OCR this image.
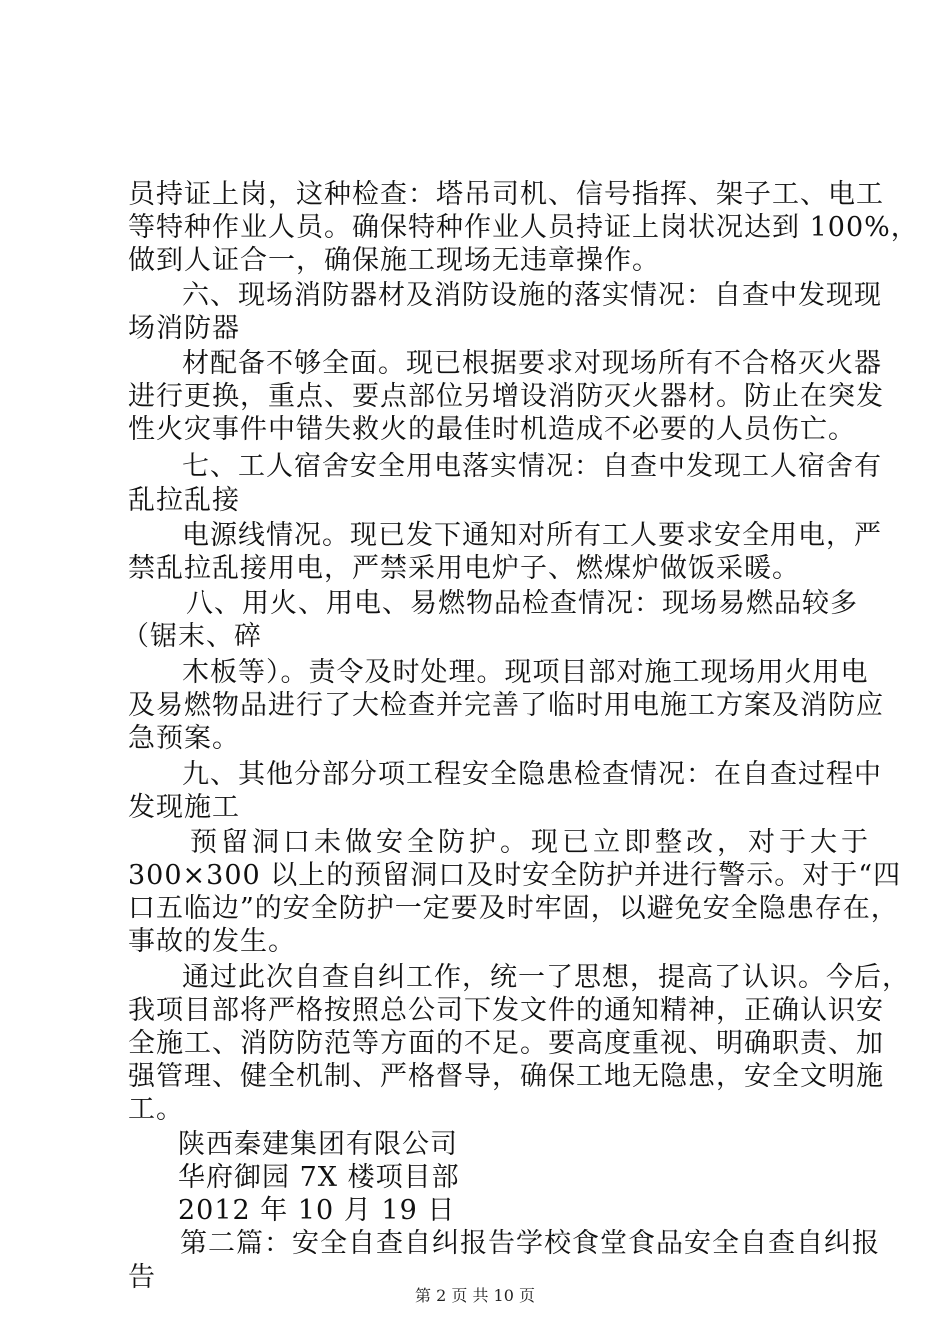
员持证上岗，这种检查：塔吊司机、信号指挥、架子工、电工
等特种作业人员。确保特种作业人员持证上岗状况达到 100%，
做到人证合一，确保施工现场无违章操作。
六、现场消防器材及消防设施的落实情况：自查中发现现
场消防器
材配备不够全面。现已根据要求对现场所有不合格灭火器
进行更换，重点、要点部位另增设消防灭火器材。防止在突发
性火灾事件中错失救火的最佳时机造成不必要的人员伤亡。
七、工人宿舍安全用电落实情况：自查中发现工人宿舍有
乱拉乱接
电源线情况。现已发下通知对所有工人要求安全用电，严
禁乱拉乱接用电，严禁采用电炉子、燃煤炉做饭采暖。
八、用火、用电、易燃物品检查情况：现场易燃品较多
（锯末、碎
木板等）。责令及时处理。现项目部对施工现场用火用电
及易燃物品进行了大检查并完善了临时用电施工方案及消防应
急预案。
九、其他分部分项工程安全隐患检查情况：在自查过程中
发现施工
预留洞口未做安全防护。现已立即整改，对于大于
300×300 以上的预留洞口及时安全防护并进行警示。对于“四
口五临边”的安全防护一定要及时牢固，以避免安全隐患存在，
事故的发生。
通过此次自查自纠工作，统一了思想，提高了认识。今后，
我项目部将严格按照总公司下发文件的通知精神，正确认识安
全施工、消防防范等方面的不足。要高度重视、明确职责、加
强管理、健全机制、严格督导，确保工地无隐患，安全文明施
工。
陕西秦建集团有限公司
华府御园 7X 楼项目部
2012 年 10 月 19 日
第二篇：安全自查自纠报告学校食堂食品安全自查自纠报
告
第 2 页 共 10 页
